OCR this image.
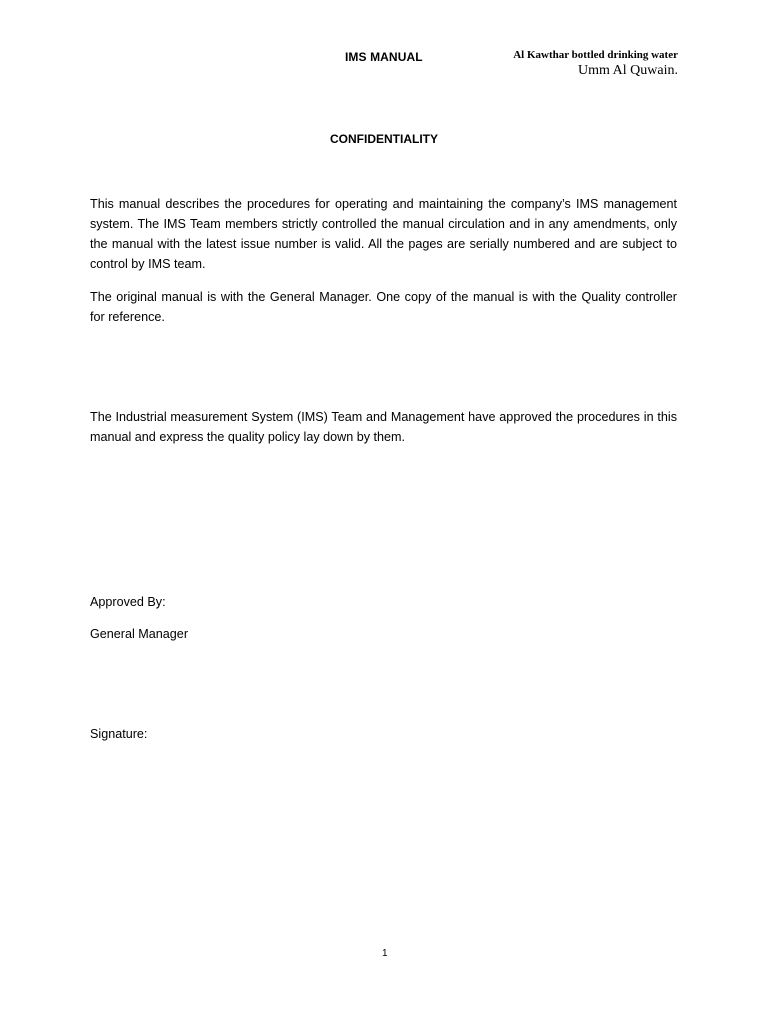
IMS MANUAL	Al Kawthar bottled drinking water
Umm Al Quwain.
CONFIDENTIALITY

This manual describes the procedures for operating and maintaining the company’s IMS management system. The IMS Team members strictly controlled the manual circulation and in any amendments, only the manual with the latest issue number is valid. All the pages are serially numbered and are subject to control by IMS team.

The original manual is with the General Manager. One copy of the manual is with the Quality controller for reference.

The Industrial measurement System (IMS) Team and Management have approved the procedures in this manual and express the quality policy lay down by them.

Approved By:
General Manager
Signature:
1
